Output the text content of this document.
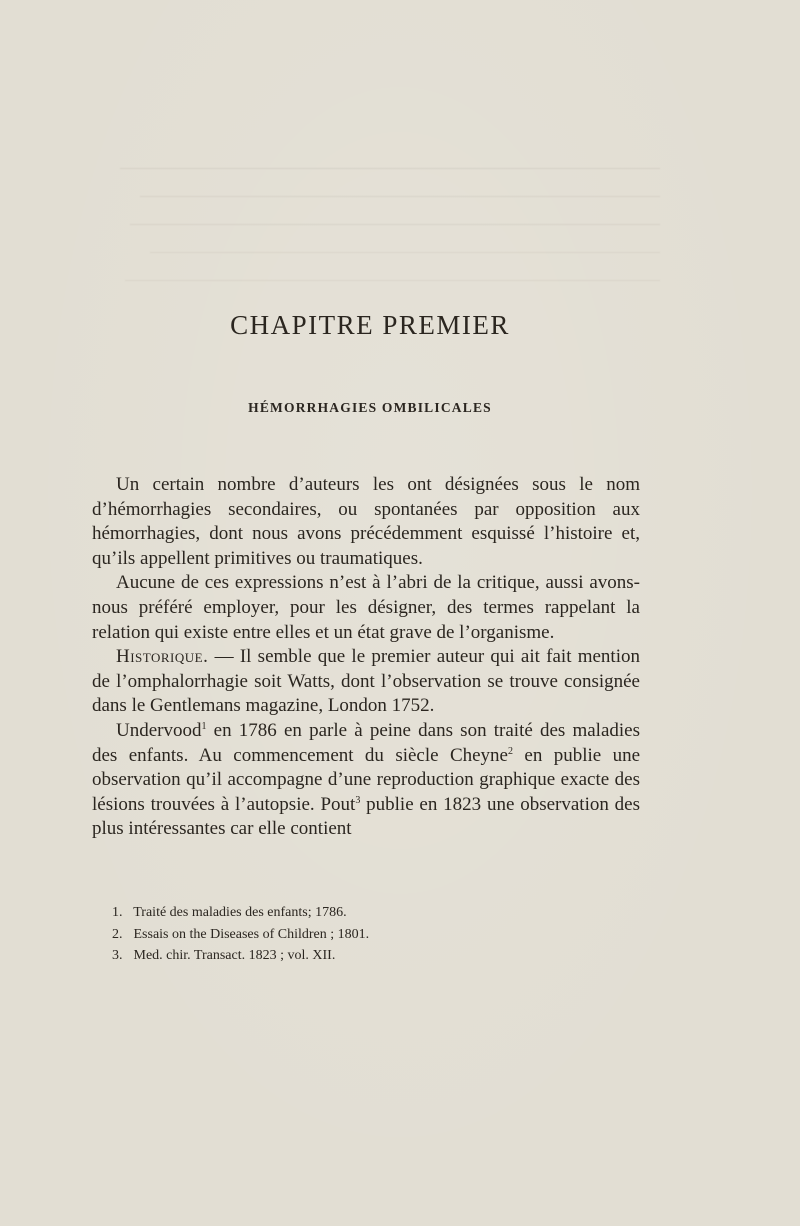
CHAPITRE PREMIER
HÉMORRHAGIES OMBILICALES

Un certain nombre d’auteurs les ont désignées sous le nom d’hémorrhagies secondaires, ou spontanées par opposition aux hémorrhagies, dont nous avons précédemment esquissé l’histoire et, qu’ils appellent primitives ou traumatiques.

Aucune de ces expressions n’est à l’abri de la critique, aussi avons-nous préféré employer, pour les désigner, des termes rappelant la relation qui existe entre elles et un état grave de l’organisme.

Historique. — Il semble que le premier auteur qui ait fait mention de l’omphalorrhagie soit Watts, dont l’observation se trouve consignée dans le Gentlemans magazine, London 1752.

Undervood$^1$ en 1786 en parle à peine dans son traité des maladies des enfants. Au commencement du siècle Cheyne$^2$ en publie une observation qu’il accompagne d’une reproduction graphique exacte des lésions trouvées à l’autopsie. Pout$^3$ publie en 1823 une observation des plus intéressantes car elle contient

1. Traité des maladies des enfants; 1786.
2. Essais on the Diseases of Children ; 1801.
3. Med. chir. Transact. 1823 ; vol. XII.
